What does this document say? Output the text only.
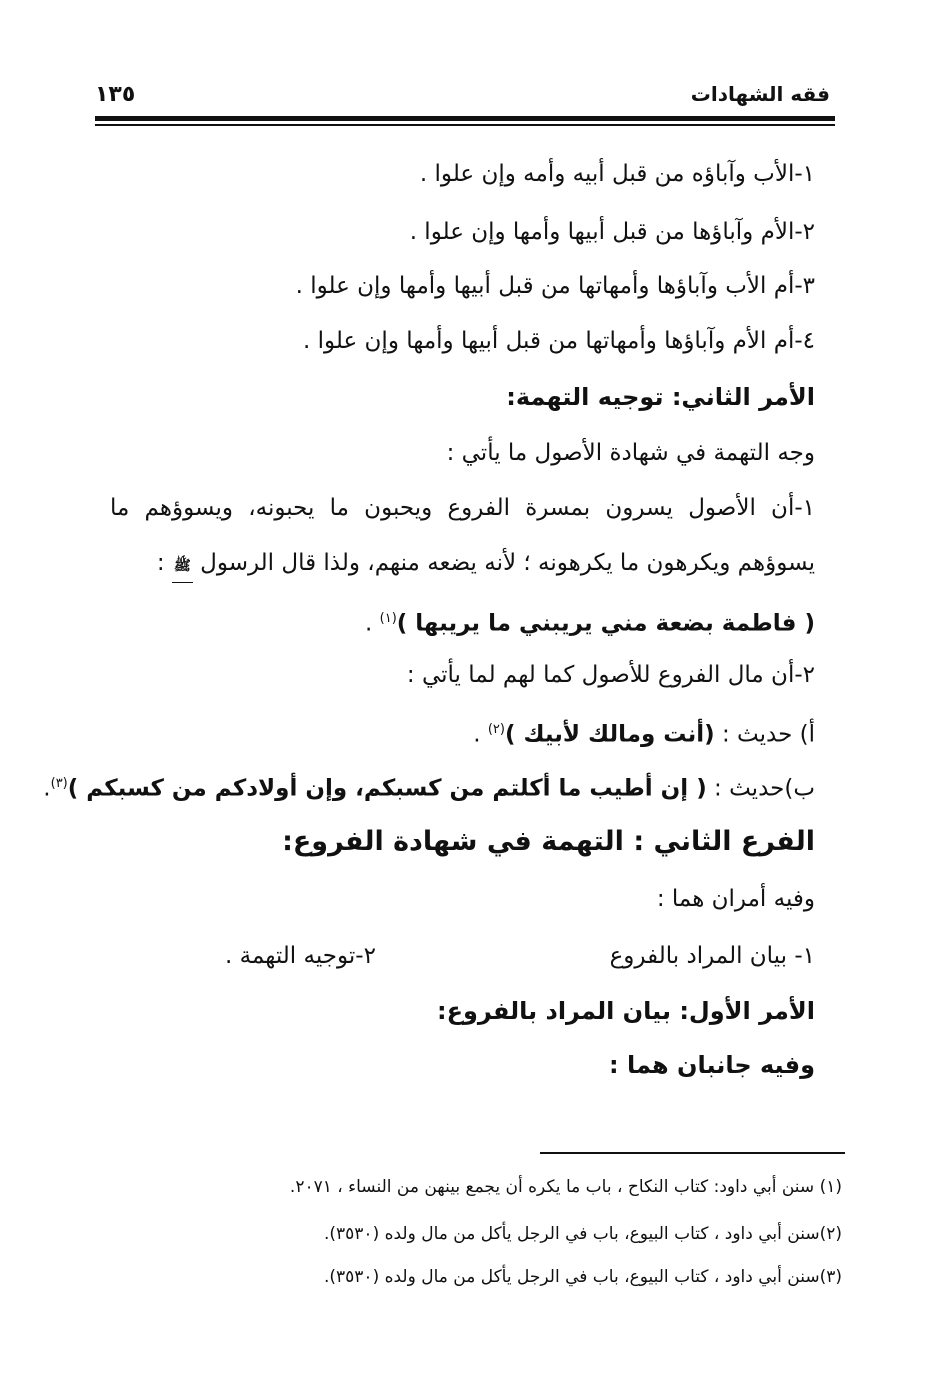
فقه الشهادات
١٣٥
١-الأب وآباؤه من قبل أبيه وأمه وإن علوا .
٢-الأم وآباؤها من قبل أبيها وأمها وإن علوا .
٣-أم الأب وآباؤها وأمهاتها من قبل أبيها وأمها وإن علوا .
٤-أم الأم وآباؤها وأمهاتها من قبل أبيها وأمها وإن علوا .
الأمر الثاني: توجيه التهمة:
وجه التهمة في شهادة الأصول ما يأتي :
١-أن الأصول يسرون بمسرة الفروع ويحبون ما يحبونه، ويسوؤهم ما
يسوؤهم ويكرهون ما يكرهونه ؛ لأنه يضعه منهم، ولذا قال الرسول ﷺ :
( فاطمة بضعة مني يريبني ما يريبها )$^{(١)}$ .
٢-أن مال الفروع للأصول كما لهم لما يأتي :
أ) حديث : (أنت ومالك لأبيك )$^{(٢)}$ .
ب)حديث : ( إن أطيب ما أكلتم من كسبكم، وإن أولادكم من كسبكم )$^{(٣)}$.
الفرع الثاني : التهمة في شهادة الفروع:
وفيه أمران هما :
١- بيان المراد بالفروع
٢-توجيه التهمة .
الأمر الأول: بيان المراد بالفروع:
وفيه جانبان هما :
(١) سنن أبي داود: كتاب النكاح ، باب ما يكره أن يجمع بينهن من النساء ، ٢٠٧١.
(٢)سنن أبي داود ، كتاب البيوع، باب في الرجل يأكل من مال ولده (٣٥٣٠).
(٣)سنن أبي داود ، كتاب البيوع، باب في الرجل يأكل من مال ولده (٣٥٣٠).
